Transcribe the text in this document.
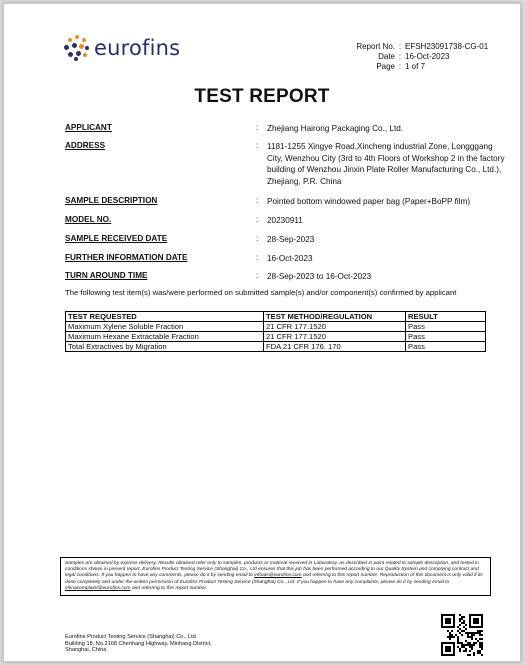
eurofins	Report No. : EFSH23091738-CG-01
Date : 16-Oct-2023
Page : 1 of 7
TEST REPORT
APPLICANT	: Zhejiang Hairong Packaging Co., Ltd.
ADDRESS	: 1181-1255 Xingye Road,Xincheng industrial Zone, Longggang City, Wenzhou City (3rd to 4th Floors of Workshop 2 in the factory building of Wenzhou Jinxin Plate Roller Manufacturing Co., Ltd.), Zhejiang, P.R. China
SAMPLE DESCRIPTION	: Pointed bottom windowed paper bag (Paper+BoPP film)
MODEL NO.	: 20230911
SAMPLE RECEIVED DATE	: 28-Sep-2023
FURTHER INFORMATION DATE	: 16-Oct-2023
TURN AROUND TIME	: 28-Sep-2023 to 16-Oct-2023
The following test item(s) was/were performed on submitted sample(s) and/or component(s) confirmed by applicant
TEST REQUESTED	TEST METHOD/REGULATION	RESULT
Maximum Xylene Soluble Fraction	21 CFR 177.1520	Pass
Maximum Hexane Extractable Fraction	21 CFR 177.1520	Pass
Total Extractives by Migration	FDA 21 CFR 176. 170	Pass
Samples are obtained by express delivery, Results obtained refer only to samples, products or material received in Laboratory, as described in point related to sample description, and tested in conditions shown in present report. Eurofins Product Testing Service (Shanghai) Co., Ltd ensures that this job has been performed according to our Quality System and complying contract and legal conditions. If you happen to have any comments, please do it by sending email to infoats@eurofins.com and referring to this report number. Reproduction of this document is only valid if its done completely and under the written permission of Eurofins Product Testing Service (Shanghai) Co., Ltd. If you happen to have any complaints, please do it by sending email to chinacomplaint@eurofins.com and referring to this report number.
Eurofins Product Testing Service (Shanghai) Co., Ltd
Building 18, No.2168 Chenhang Highway, Minhang District,
Shanghai, China
